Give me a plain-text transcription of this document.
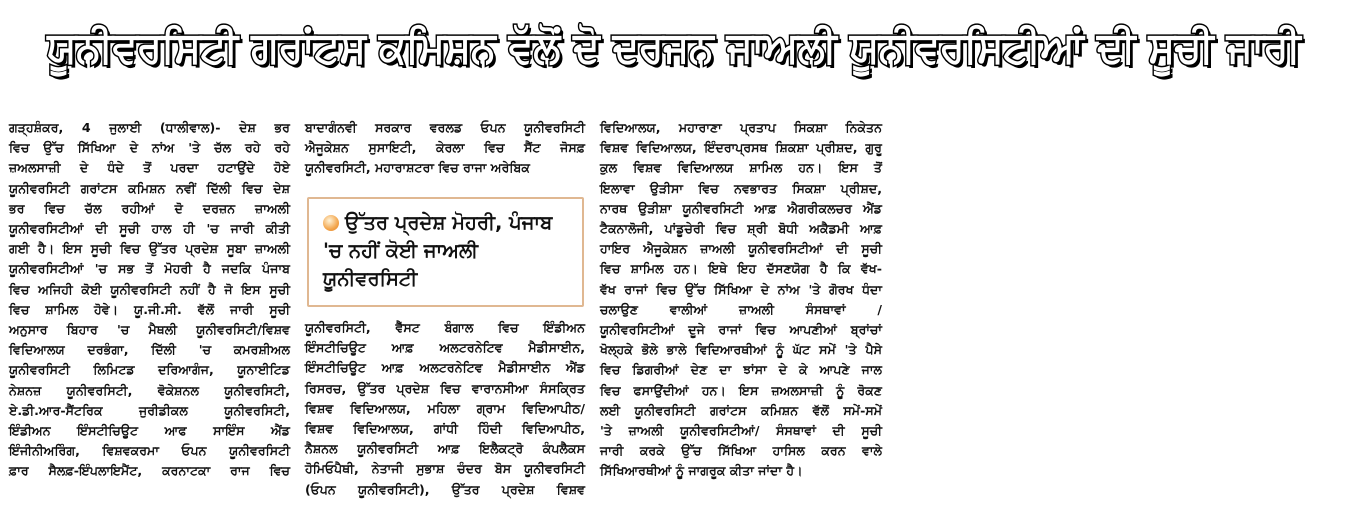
ਯੂਨੀਵਰਸਿਟੀ ਗਰਾਂਟਸ ਕਮਿਸ਼ਨ ਵੱਲੋਂ ਦੋ ਦਰਜਨ ਜਾਅਲੀ ਯੂਨੀਵਰਸਿਟੀਆਂ ਦੀ ਸੂਚੀ ਜਾਰੀ
ਗੜ੍ਹਸ਼ੰਕਰ, 4 ਜੁਲਾਈ (ਧਾਲੀਵਾਲ)- ਦੇਸ਼ ਭਰ
ਵਿਚ ਉੱਚ ਸਿੱਖਿਆ ਦੇ ਨਾਂਅ 'ਤੇ ਚੱਲ ਰਹੇ ਰਹੇ
ਜ਼ਅਲਸਾਜ਼ੀ ਦੇ ਧੰਦੇ ਤੋਂ ਪਰਦਾ ਹਟਾਉਂਦੇ ਹੋਏ
ਯੂਨੀਵਰਸਿਟੀ ਗਰਾਂਟਸ ਕਮਿਸ਼ਨ ਨਵੀਂ ਦਿੱਲੀ ਵਿਚ ਦੇਸ਼
ਭਰ ਵਿਚ ਚੱਲ ਰਹੀਆਂ ਦੋ ਦਰਜ਼ਨ ਜ਼ਾਅਲੀ
ਯੂਨੀਵਰਸਿਟੀਆਂ ਦੀ ਸੂਚੀ ਹਾਲ ਹੀ 'ਚ ਜਾਰੀ ਕੀਤੀ
ਗਈ ਹੈ। ਇਸ ਸੂਚੀ ਵਿਚ ਉੱਤਰ ਪ੍ਰਦੇਸ਼ ਸੂਬਾ ਜ਼ਾਅਲੀ
ਯੂਨੀਵਰਸਿਟੀਆਂ 'ਚ ਸਭ ਤੋਂ ਮੋਹਰੀ ਹੈ ਜਦਕਿ ਪੰਜਾਬ
ਵਿਚ ਅਜਿਹੀ ਕੋਈ ਯੂਨੀਵਰਸਿਟੀ ਨਹੀਂ ਹੈ ਜੋ ਇਸ ਸੂਚੀ
ਵਿਚ ਸ਼ਾਮਿਲ ਹੋਵੇ। ਯੂ.ਜੀ.ਸੀ. ਵੱਲੋਂ ਜਾਰੀ ਸੂਚੀ
ਅਨੁਸਾਰ ਬਿਹਾਰ 'ਚ ਮੈਥਲੀ ਯੂਨੀਵਰਸਿਟੀ/ਵਿਸ਼ਵ
ਵਿਦਿਆਲਯ ਦਰਭੰਗਾ, ਦਿੱਲੀ 'ਚ ਕਮਰਸ਼ੀਅਲ
ਯੂਨੀਵਰਸਿਟੀ ਲਿਮਿਟਡ ਦਰਿਆਗੰਜ, ਯੂਨਾਈਟਿਡ
ਨੇਸ਼ਨਜ਼ ਯੂਨੀਵਰਸਿਟੀ, ਵੋਕੇਸ਼ਨਲ ਯੂਨੀਵਰਸਿਟੀ,
ਏ.ਡੀ.ਆਰ-ਸੈਂਟਰਿਕ ਜੁਰੀਡੀਕਲ ਯੂਨੀਵਰਸਿਟੀ,
ਇੰਡੀਅਨ ਇੰਸਟੀਚਿਊਟ ਆਫ ਸਾਇੰਸ ਐਂਡ
ਇੰਜੀਨੀਅਰਿੰਗ, ਵਿਸ਼ਵਕਰਮਾ ਓਪਨ ਯੂਨੀਵਰਸਿਟੀ
ਫ਼ਾਰ ਸੈਲਫ਼-ਇੰਪਲਾਇਮੈਂਟ, ਕਰਨਾਟਕਾ ਰਾਜ ਵਿਚ
ਬਾਦਾਗੰਨਵੀ ਸਰਕਾਰ ਵਰਲਡ ਓਪਨ ਯੂਨੀਵਰਸਿਟੀ
ਐਜੂਕੇਸ਼ਨ ਸੁਸਾਇਟੀ, ਕੇਰਲਾ ਵਿਚ ਸੈਂਟ ਜੋਸਫ਼
ਯੂਨੀਵਰਸਿਟੀ, ਮਹਾਰਾਸ਼ਟਰਾ ਵਿਚ ਰਾਜਾ ਅਰੇਬਿਕ
ਉੱਤਰ ਪ੍ਰਦੇਸ਼ ਮੋਹਰੀ, ਪੰਜਾਬ
'ਚ ਨਹੀਂ ਕੋਈ ਜਾਅਲੀ
ਯੂਨੀਵਰਸਿਟੀ
ਯੂਨੀਵਰਸਿਟੀ, ਵੈੱਸਟ ਬੰਗਾਲ ਵਿਚ ਇੰਡੀਅਨ
ਇੰਸਟੀਚਿਊਟ ਆਫ਼ ਅਲਟਰਨੇਟਿਵ ਮੈਡੀਸਾਈਨ,
ਇੰਸਟੀਚਿਊਟ ਆਫ਼ ਅਲਟਰਨੇਟਿਵ ਮੈਡੀਸਾਈਨ ਐਂਡ
ਰਿਸਰਚ, ਉੱਤਰ ਪ੍ਰਦੇਸ਼ ਵਿਚ ਵਾਰਾਨਸੀਆ ਸੰਸਕ੍ਰਿਤ
ਵਿਸ਼ਵ ਵਿਦਿਆਲਯ, ਮਹਿਲਾ ਗ੍ਰਾਮ ਵਿਦਿਆਪੀਠ/
ਵਿਸ਼ਵ ਵਿਦਿਆਲਯ, ਗਾਂਧੀ ਹਿੰਦੀ ਵਿਦਿਆਪੀਠ,
ਨੈਸ਼ਨਲ ਯੂਨੀਵਰਸਿਟੀ ਆਫ਼ ਇਲੈਕਟ੍ਰੋ ਕੰਪਲੈਕਸ
ਹੋਮਿਓਪੈਥੀ, ਨੇਤਾਜੀ ਸੁਭਾਸ਼ ਚੰਦਰ ਬੋਸ ਯੂਨੀਵਰਸਿਟੀ
(ਓਪਨ ਯੂਨੀਵਰਸਿਟੀ), ਉੱਤਰ ਪ੍ਰਦੇਸ਼ ਵਿਸ਼ਵ
ਵਿਦਿਆਲਯ, ਮਹਾਰਾਣਾ ਪ੍ਰਤਾਪ ਸਿਕਸ਼ਾ ਨਿਕੇਤਨ
ਵਿਸ਼ਵ ਵਿਦਿਆਲਯ, ਇੰਦਰਾਪ੍ਰਸਥ ਸ਼ਿਕਸ਼ਾ ਪ੍ਰੀਸ਼ਦ, ਗੁਰੂ
ਕੁਲ ਵਿਸ਼ਵ ਵਿਦਿਆਲਯ ਸ਼ਾਮਿਲ ਹਨ। ਇਸ ਤੋਂ
ਇਲਾਵਾ ਉੜੀਸਾ ਵਿਚ ਨਵਭਾਰਤ ਸਿਕਸ਼ਾ ਪ੍ਰੀਸ਼ਦ,
ਨਾਰਥ ਉੜੀਸ਼ਾ ਯੂਨੀਵਰਸਿਟੀ ਆਫ਼ ਐਗਰੀਕਲਚਰ ਐਂਡ
ਟੈਕਨਾਲੋਜੀ, ਪਾਂਡੂਚੇਰੀ ਵਿਚ ਸ਼੍ਰੀ ਬੋਧੀ ਅਕੈਡਮੀ ਆਫ਼
ਹਾਇਰ ਐਜੂਕੇਸ਼ਨ ਜ਼ਾਅਲੀ ਯੂਨੀਵਰਸਿਟੀਆਂ ਦੀ ਸੂਚੀ
ਵਿਚ ਸ਼ਾਮਿਲ ਹਨ। ਇਥੇ ਇਹ ਦੱਸਣਯੋਗ ਹੈ ਕਿ ਵੱਖ-
ਵੱਖ ਰਾਜਾਂ ਵਿਚ ਉੱਚ ਸਿੱਖਿਆ ਦੇ ਨਾਂਅ 'ਤੇ ਗੋਰਖ ਧੰਦਾ
ਚਲਾਉਣ ਵਾਲੀਆਂ ਜ਼ਾਅਲੀ ਸੰਸਥਾਵਾਂ /
ਯੂਨੀਵਰਸਿਟੀਆਂ ਦੂਜੇ ਰਾਜਾਂ ਵਿਚ ਆਪਣੀਆਂ ਬ੍ਰਾਂਚਾਂ
ਖੋਲ੍ਹਕੇ ਭੋਲੇ ਭਾਲੇ ਵਿਦਿਆਰਥੀਆਂ ਨੂੰ ਘੱਟ ਸਮੇਂ 'ਤੇ ਪੈਸੇ
ਵਿਚ ਡਿਗਰੀਆਂ ਦੇਣ ਦਾ ਝਾਂਸਾ ਦੇ ਕੇ ਆਪਣੇ ਜਾਲ
ਵਿਚ ਫਸਾਉਂਦੀਆਂ ਹਨ। ਇਸ ਜ਼ਅਲਸਾਜ਼ੀ ਨੂੰ ਰੋਕਣ
ਲਈ ਯੂਨੀਵਰਸਿਟੀ ਗਰਾਂਟਸ ਕਮਿਸ਼ਨ ਵੱਲੋਂ ਸਮੇਂ-ਸਮੇਂ
'ਤੇ ਜ਼ਾਅਲੀ ਯੂਨੀਵਰਸਿਟੀਆਂ/ ਸੰਸਥਾਵਾਂ ਦੀ ਸੂਚੀ
ਜਾਰੀ ਕਰਕੇ ਉੱਚ ਸਿੱਖਿਆ ਹਾਸਿਲ ਕਰਨ ਵਾਲੇ
ਸਿੱਖਿਆਰਥੀਆਂ ਨੂੰ ਜਾਗਰੂਕ ਕੀਤਾ ਜਾਂਦਾ ਹੈ।
